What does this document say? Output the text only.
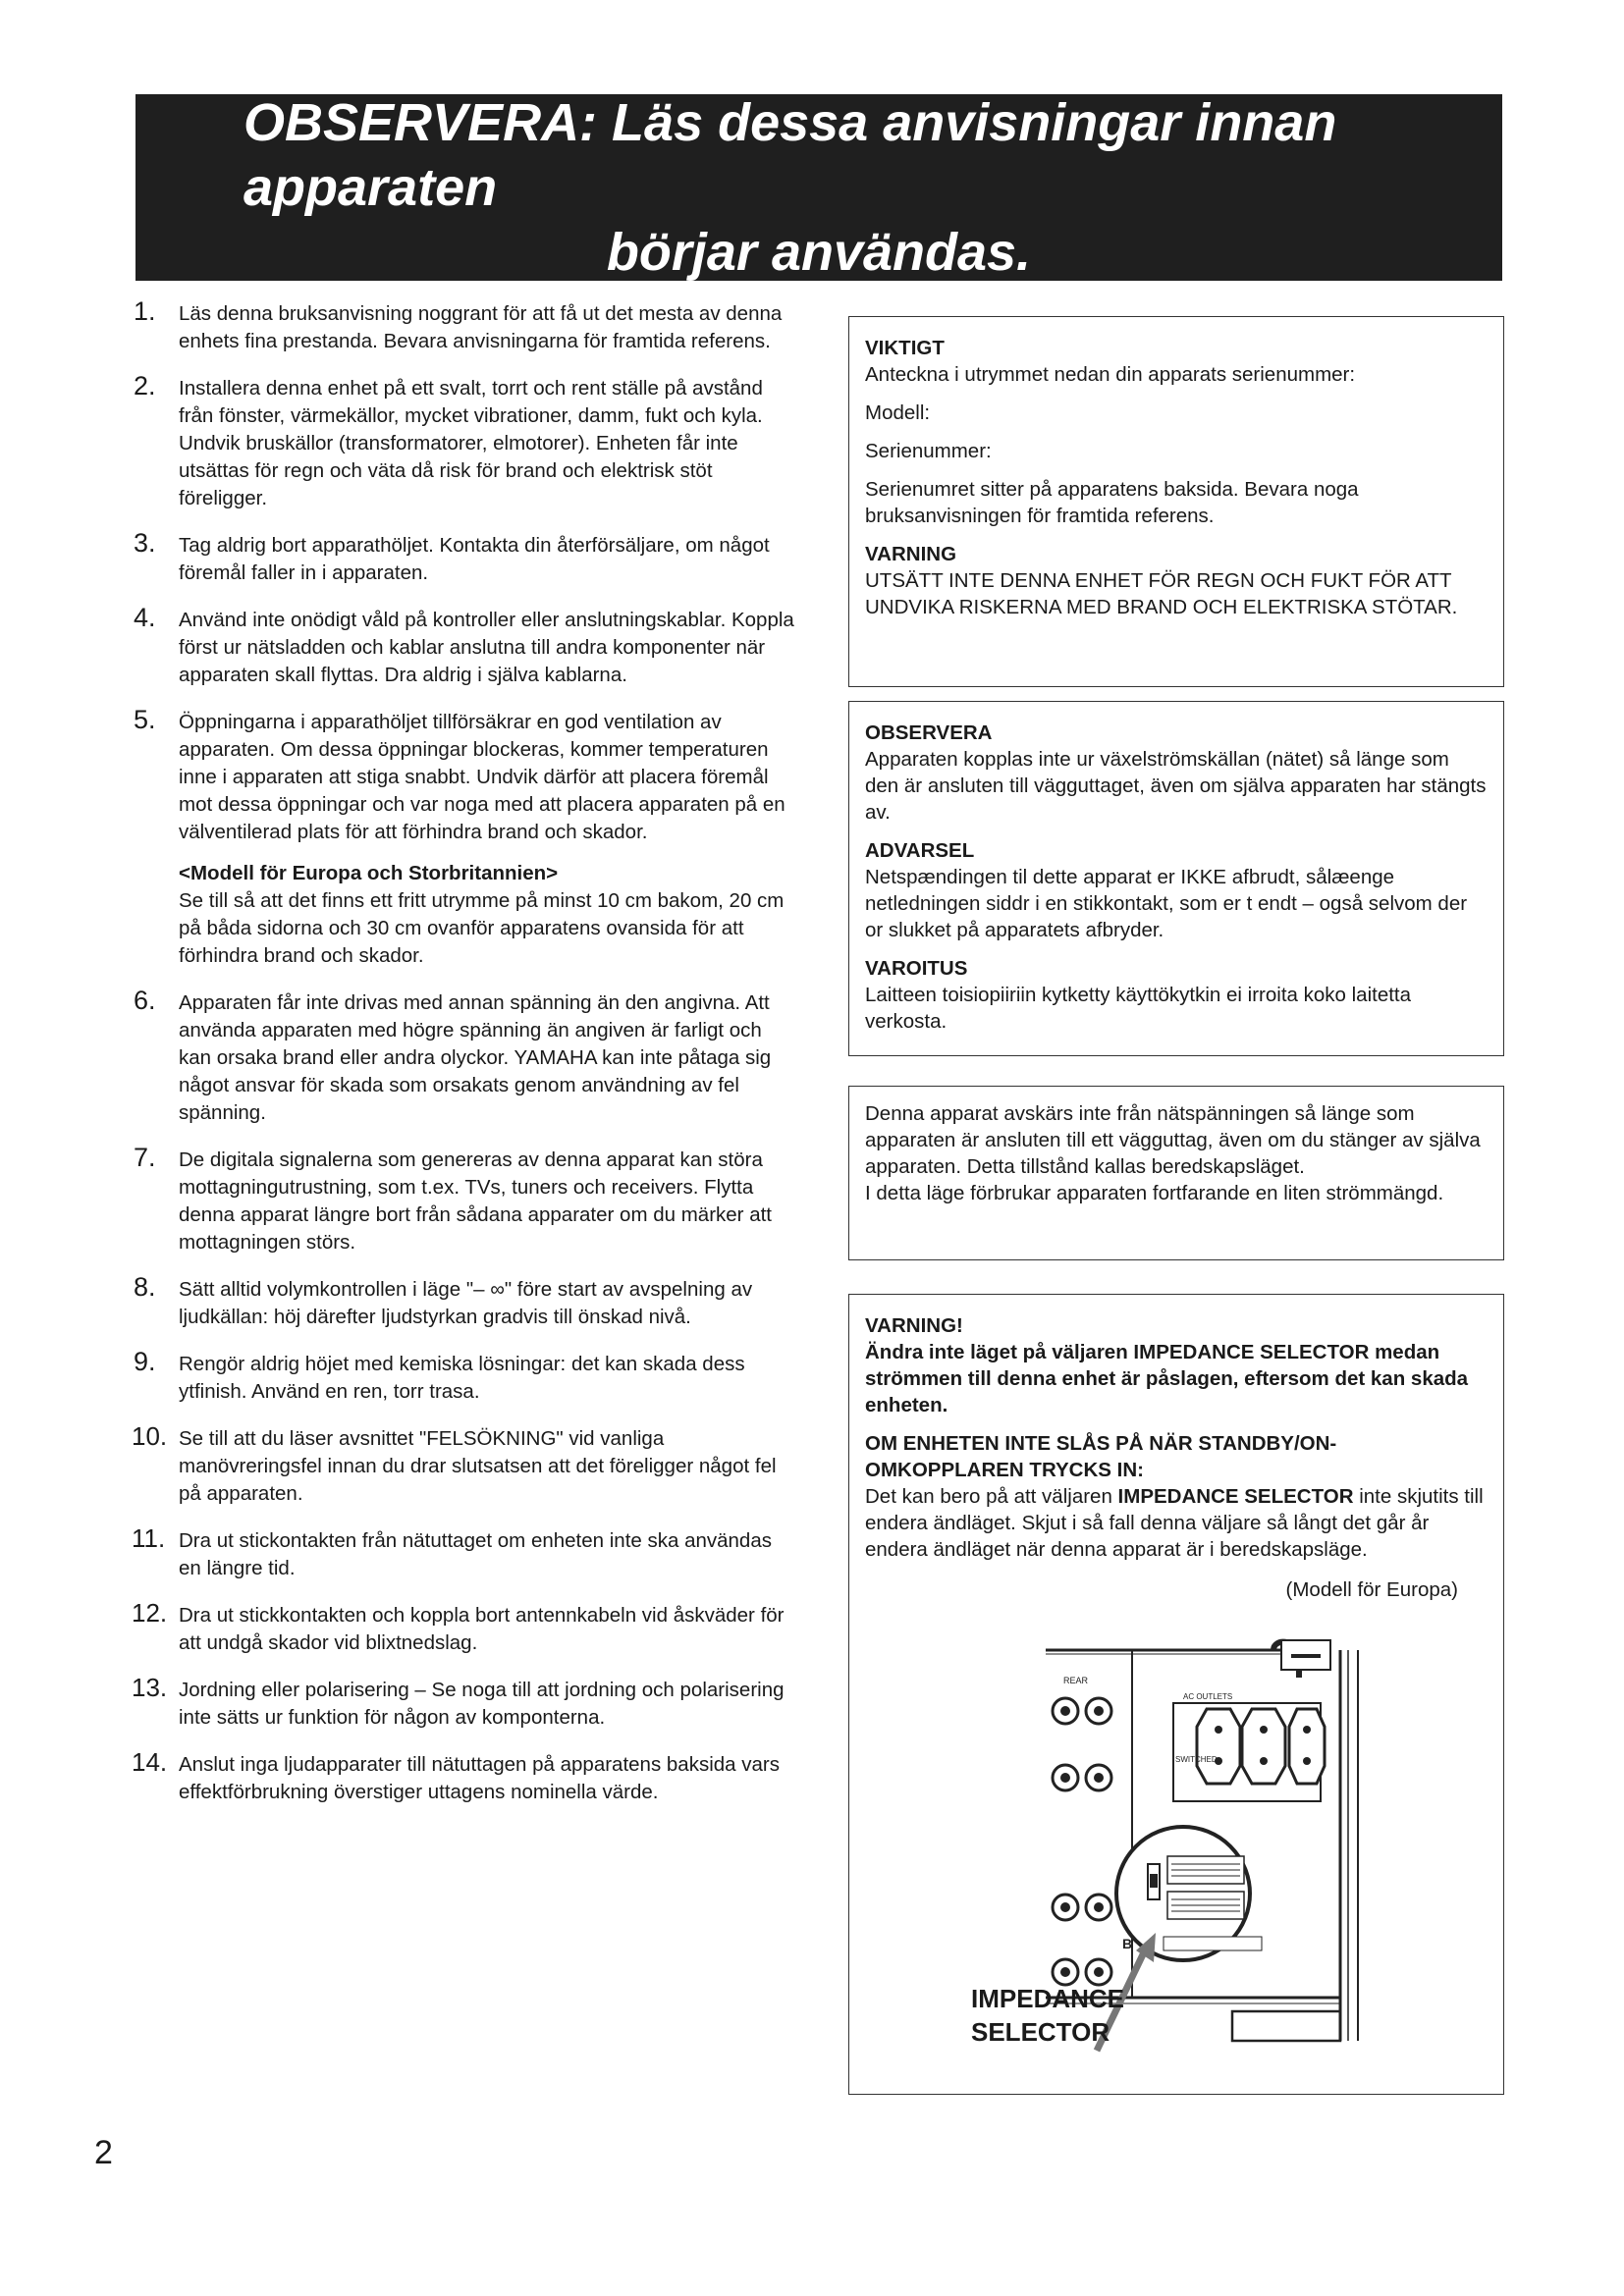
OBSERVERA: Läs dessa anvisningar innan apparaten
börjar användas.
1. Läs denna bruksanvisning noggrant för att få ut det mesta av denna enhets fina prestanda. Bevara anvisningarna för framtida referens.
2. Installera denna enhet på ett svalt, torrt och rent ställe på avstånd från fönster, värmekällor, mycket vibrationer, damm, fukt och kyla. Undvik bruskällor (transformatorer, elmotorer). Enheten får inte utsättas för regn och väta då risk för brand och elektrisk stöt föreligger.
3. Tag aldrig bort apparathöljet. Kontakta din återförsäljare, om något föremål faller in i apparaten.
4. Använd inte onödigt våld på kontroller eller anslutningskablar. Koppla först ur nätsladden och kablar anslutna till andra komponenter när apparaten skall flyttas. Dra aldrig i själva kablarna.
5. Öppningarna i apparathöljet tillförsäkrar en god ventilation av apparaten. Om dessa öppningar blockeras, kommer temperaturen inne i apparaten att stiga snabbt. Undvik därför att placera föremål mot dessa öppningar och var noga med att placera apparaten på en välventilerad plats för att förhindra brand och skador.
<Modell för Europa och Storbritannien>
Se till så att det finns ett fritt utrymme på minst 10 cm bakom, 20 cm på båda sidorna och 30 cm ovanför apparatens ovansida för att förhindra brand och skador.
6. Apparaten får inte drivas med annan spänning än den angivna. Att använda apparaten med högre spänning än angiven är farligt och kan orsaka brand eller andra olyckor. YAMAHA kan inte påtaga sig något ansvar för skada som orsakats genom användning av fel spänning.
7. De digitala signalerna som genereras av denna apparat kan störa mottagningutrustning, som t.ex. TVs, tuners och receivers. Flytta denna apparat längre bort från sådana apparater om du märker att mottagningen störs.
8. Sätt alltid volymkontrollen i läge "– ∞" före start av avspelning av ljudkällan: höj därefter ljudstyrkan gradvis till önskad nivå.
9. Rengör aldrig höjet med kemiska lösningar: det kan skada dess ytfinish. Använd en ren, torr trasa.
10. Se till att du läser avsnittet "FELSÖKNING" vid vanliga manövreringsfel innan du drar slutsatsen att det föreligger något fel på apparaten.
11. Dra ut stickontakten från nätuttaget om enheten inte ska användas en längre tid.
12. Dra ut stickkontakten och koppla bort antennkabeln vid åskväder för att undgå skador vid blixtnedslag.
13. Jordning eller polarisering – Se noga till att jordning och polarisering inte sätts ur funktion för någon av komponterna.
14. Anslut inga ljudapparater till nätuttagen på apparatens baksida vars effektförbrukning överstiger uttagens nominella värde.
VIKTIGT
Anteckna i utrymmet nedan din apparats serienummer:
Modell:
Serienummer:
Serienumret sitter på apparatens baksida. Bevara noga bruksanvisningen för framtida referens.
VARNING
UTSÄTT INTE DENNA ENHET FÖR REGN OCH FUKT FÖR ATT UNDVIKA RISKERNA MED BRAND OCH ELEKTRISKA STÖTAR.
OBSERVERA
Apparaten kopplas inte ur växelströmskällan (nätet) så länge som den är ansluten till vägguttaget, även om själva apparaten har stängts av.
ADVARSEL
Netspændingen til dette apparat er IKKE afbrudt, sålæenge netledningen siddr i en stikkontakt, som er t endt – også selvom der or slukket på apparatets afbryder.
VAROITUS
Laitteen toisiopiiriin kytketty käyttökytkin ei irroita koko laitetta verkosta.
Denna apparat avskärs inte från nätspänningen så länge som apparaten är ansluten till ett vägguttag, även om du stänger av själva apparaten. Detta tillstånd kallas beredskapsläget.
I detta läge förbrukar apparaten fortfarande en liten strömmängd.
VARNING!
Ändra inte läget på väljaren IMPEDANCE SELECTOR medan strömmen till denna enhet är påslagen, eftersom det kan skada enheten.
OM ENHETEN INTE SLÅS PÅ NÄR STANDBY/ON-OMKOPPLAREN TRYCKS IN:
Det kan bero på att väljaren IMPEDANCE SELECTOR inte skjutits till endera ändläget. Skjut i så fall denna väljare så långt det går år endera ändläget när denna apparat är i beredskapsläge.
(Modell för Europa)
REAR
AC OUTLETS
SWITCHED
B
IMPEDANCE
SELECTOR
2
